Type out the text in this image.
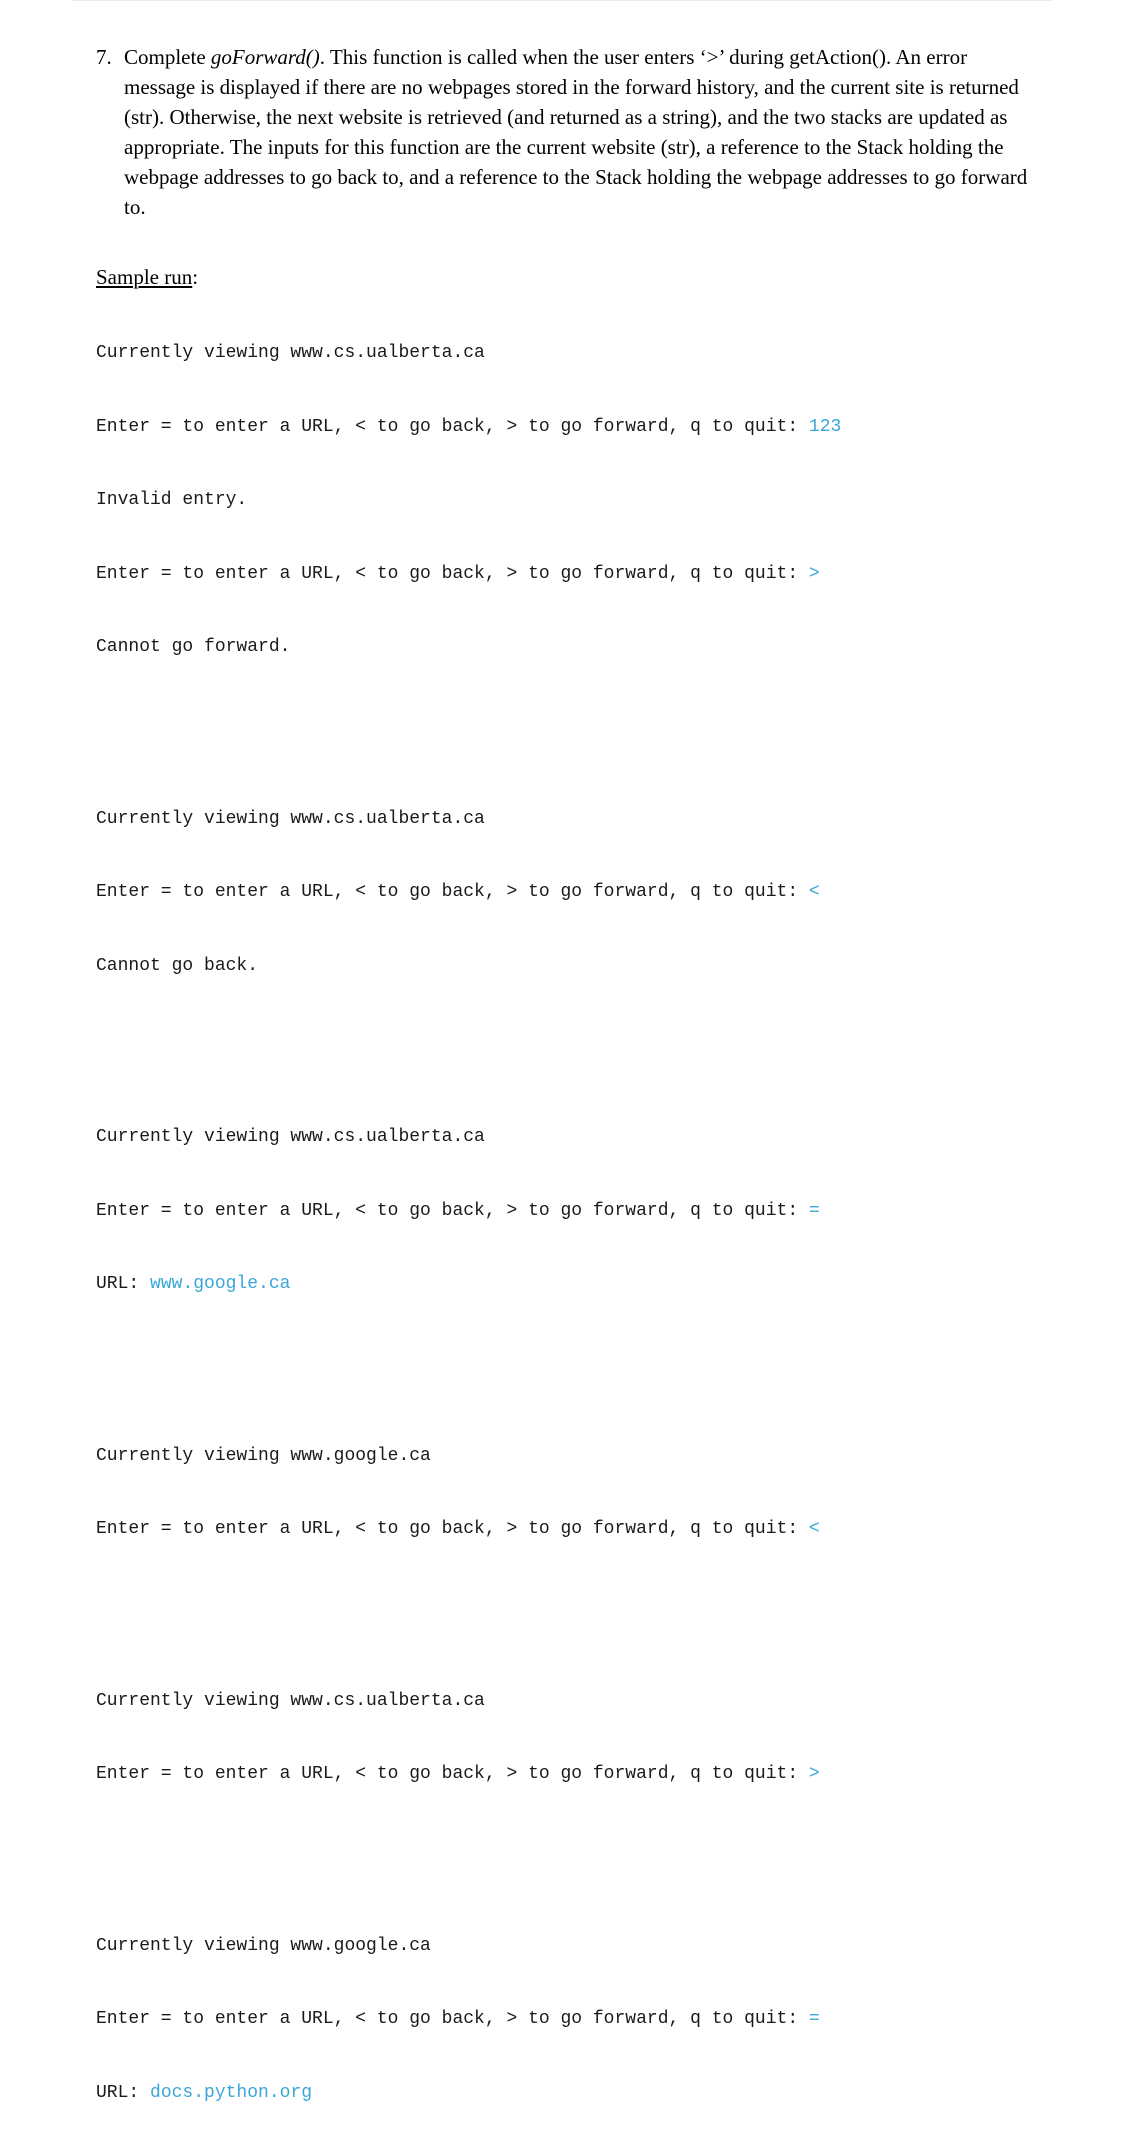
7. Complete goForward(). This function is called when the user enters ‘>’ during getAction(). An error message is displayed if there are no webpages stored in the forward history, and the current site is returned (str). Otherwise, the next website is retrieved (and returned as a string), and the two stacks are updated as appropriate. The inputs for this function are the current website (str), a reference to the Stack holding the webpage addresses to go back to, and a reference to the Stack holding the webpage addresses to go forward to.
Sample run:

Currently viewing www.cs.ualberta.ca

Enter = to enter a URL, < to go back, > to go forward, q to quit: 123

Invalid entry.

Enter = to enter a URL, < to go back, > to go forward, q to quit: >

Cannot go forward.

Currently viewing www.cs.ualberta.ca

Enter = to enter a URL, < to go back, > to go forward, q to quit: <

Cannot go back.

Currently viewing www.cs.ualberta.ca

Enter = to enter a URL, < to go back, > to go forward, q to quit: =

URL: www.google.ca

Currently viewing www.google.ca

Enter = to enter a URL, < to go back, > to go forward, q to quit: <

Currently viewing www.cs.ualberta.ca

Enter = to enter a URL, < to go back, > to go forward, q to quit: >

Currently viewing www.google.ca

Enter = to enter a URL, < to go back, > to go forward, q to quit: =

URL: docs.python.org
